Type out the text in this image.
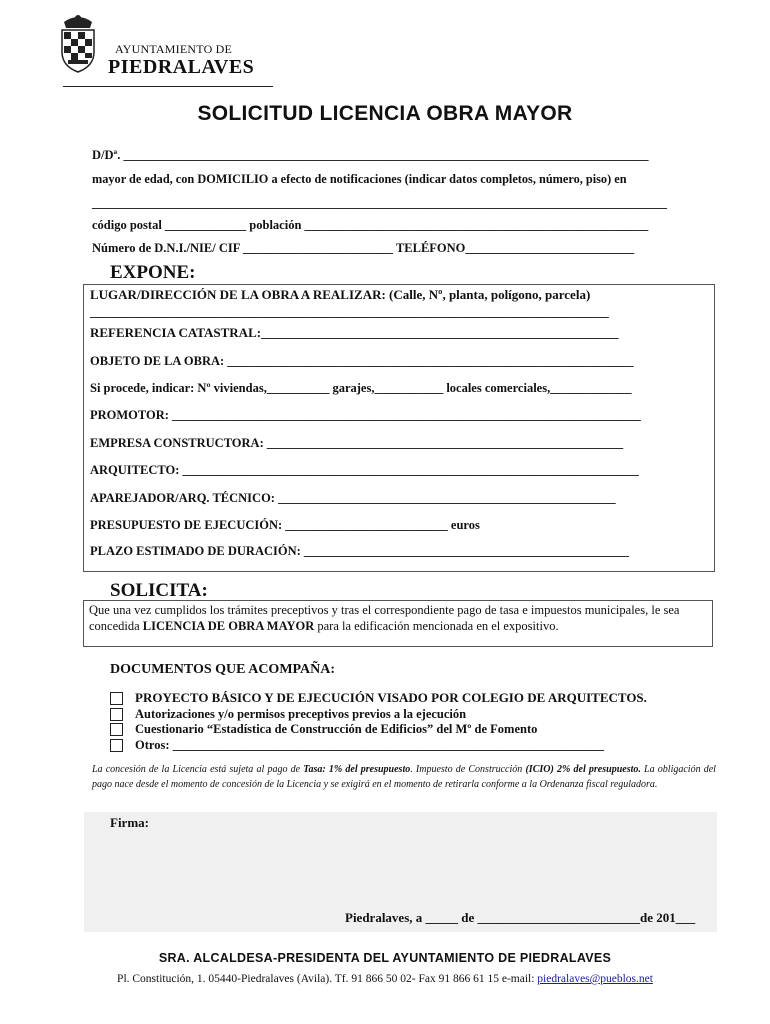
AYUNTAMIENTO DE
PIEDRALAVES
SOLICITUD LICENCIA OBRA MAYOR
D/Dª. ____________________________________________________________________________________
mayor de edad, con DOMICILIO a efecto de notificaciones (indicar datos completos, número, piso) en
____________________________________________________________________________________________
código postal _____________ población _______________________________________________________
Número de D.N.I./NIE/ CIF ________________________ TELÉFONO___________________________
EXPONE:
LUGAR/DIRECCIÓN DE LA OBRA A REALIZAR: (Calle, Nº, planta, polígono, parcela)
___________________________________________________________________________________
REFERENCIA CATASTRAL:_______________________________________________________
OBJETO DE LA OBRA: _________________________________________________________________
Si procede, indicar: Nº viviendas,__________ garajes,___________ locales comerciales,_____________
PROMOTOR: ___________________________________________________________________________
EMPRESA CONSTRUCTORA: _________________________________________________________
ARQUITECTO: _________________________________________________________________________
APAREJADOR/ARQ. TÉCNICO: ______________________________________________________
PRESUPUESTO DE EJECUCIÓN: __________________________ euros
PLAZO ESTIMADO DE DURACIÓN: ____________________________________________________
SOLICITA:
Que una vez cumplidos los trámites preceptivos y tras el correspondiente pago de tasa e impuestos municipales, le sea concedida LICENCIA DE OBRA MAYOR para la edificación mencionada en el expositivo.
DOCUMENTOS QUE ACOMPAÑA:
PROYECTO BÁSICO Y DE EJECUCIÓN VISADO POR COLEGIO DE ARQUITECTOS.
Autorizaciones y/o permisos preceptivos previos a la ejecución
Cuestionario “Estadística de Construcción de Edificios” del Mº de Fomento
Otros: _____________________________________________________________________
La concesión de la Licencia está sujeta al pago de Tasa: 1% del presupuesto. Impuesto de Construcción (ICIO) 2% del presupuesto. La obligación del pago nace desde el momento de concesión de la Licencia y se exigirá en el momento de retirarla conforme a la Ordenanza fiscal reguladora.
Firma:
Piedralaves, a _____ de _________________________de 201___
SRA. ALCALDESA-PRESIDENTA DEL AYUNTAMIENTO DE PIEDRALAVES
Pl. Constitución, 1. 05440-Piedralaves (Avila). Tf. 91 866 50 02- Fax 91 866 61 15 e-mail: piedralaves@pueblos.net
